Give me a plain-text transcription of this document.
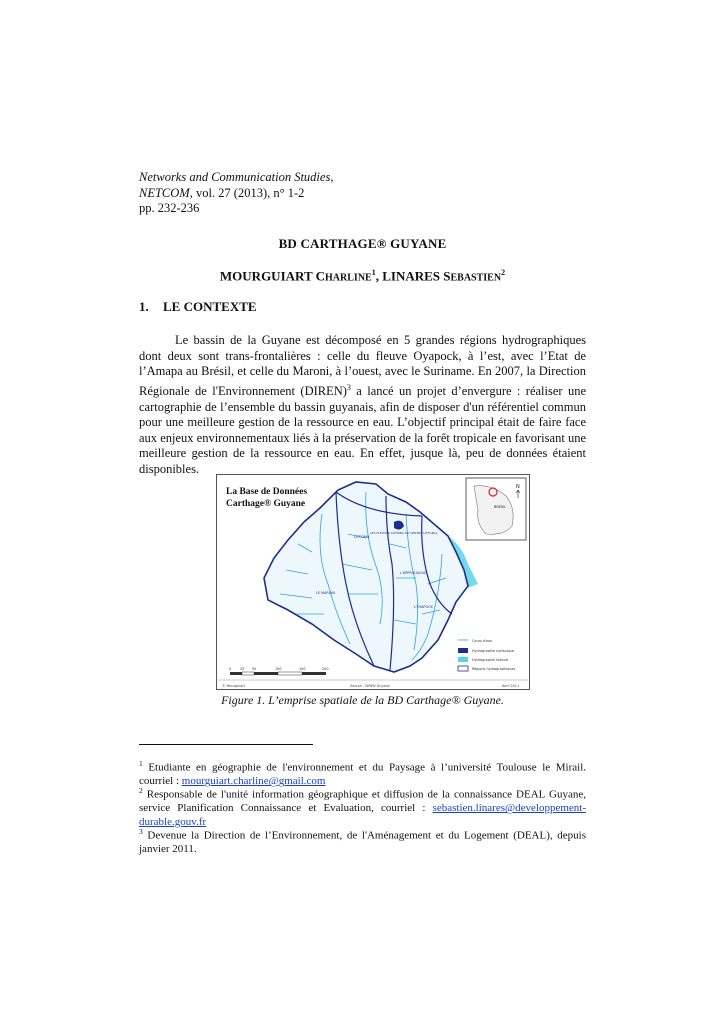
Networks and Communication Studies,
NETCOM, vol. 27 (2013), n° 1-2
pp. 232-236
BD CARTHAGE® GUYANE
MOURGUIART CHARLINE$^1$, LINARES SEBASTIEN$^2$
1. LE CONTEXTE
Le bassin de la Guyane est décomposé en 5 grandes régions hydrographiques dont deux sont trans-frontalières : celle du fleuve Oyapock, à l’est, avec l’Etat de l’Amapa au Brésil, et celle du Maroni, à l’ouest, avec le Suriname. En 2007, la Direction Régionale de l'Environnement (DIREN)$^3$ a lancé un projet d’envergure : réaliser une cartographie de l’ensemble du bassin guyanais, afin de disposer d'un référentiel commun pour une meilleure gestion de la ressource en eau. L’objectif principal était de faire face aux enjeux environnementaux liés à la préservation de la forêt tropicale en favorisant une meilleure gestion de la ressource en eau. En effet, jusque là, peu de données étaient disponibles.
La Base de Données
Carthage® Guyane
LITTORAL
LES FLEUVES CÔTIERS DU CENTRE LITTORAL
L'APPROUAGUE
L'OYAPOCK
LE MARONI
BRÉSIL
N
Cours d'eau
Hydrographie surfacique
Hydrographie texture
Régions hydrographiques
0	25 50	100	150	200
© Mourguiart	Source : DIREN Guyane	Avril 2011
Figure 1. L’emprise spatiale de la BD Carthage® Guyane.
$^1$ Etudiante en géographie de l'environnement et du Paysage à l’université Toulouse le Mirail. courriel : mourguiart.charline@gmail.com
$^2$ Responsable de l'unité information géographique et diffusion de la connaissance DEAL Guyane, service Planification Connaissance et Evaluation, courriel : sebastien.linares@developpement-durable.gouv.fr
$^3$ Devenue la Direction de l’Environnement, de l'Aménagement et du Logement (DEAL), depuis janvier 2011.
